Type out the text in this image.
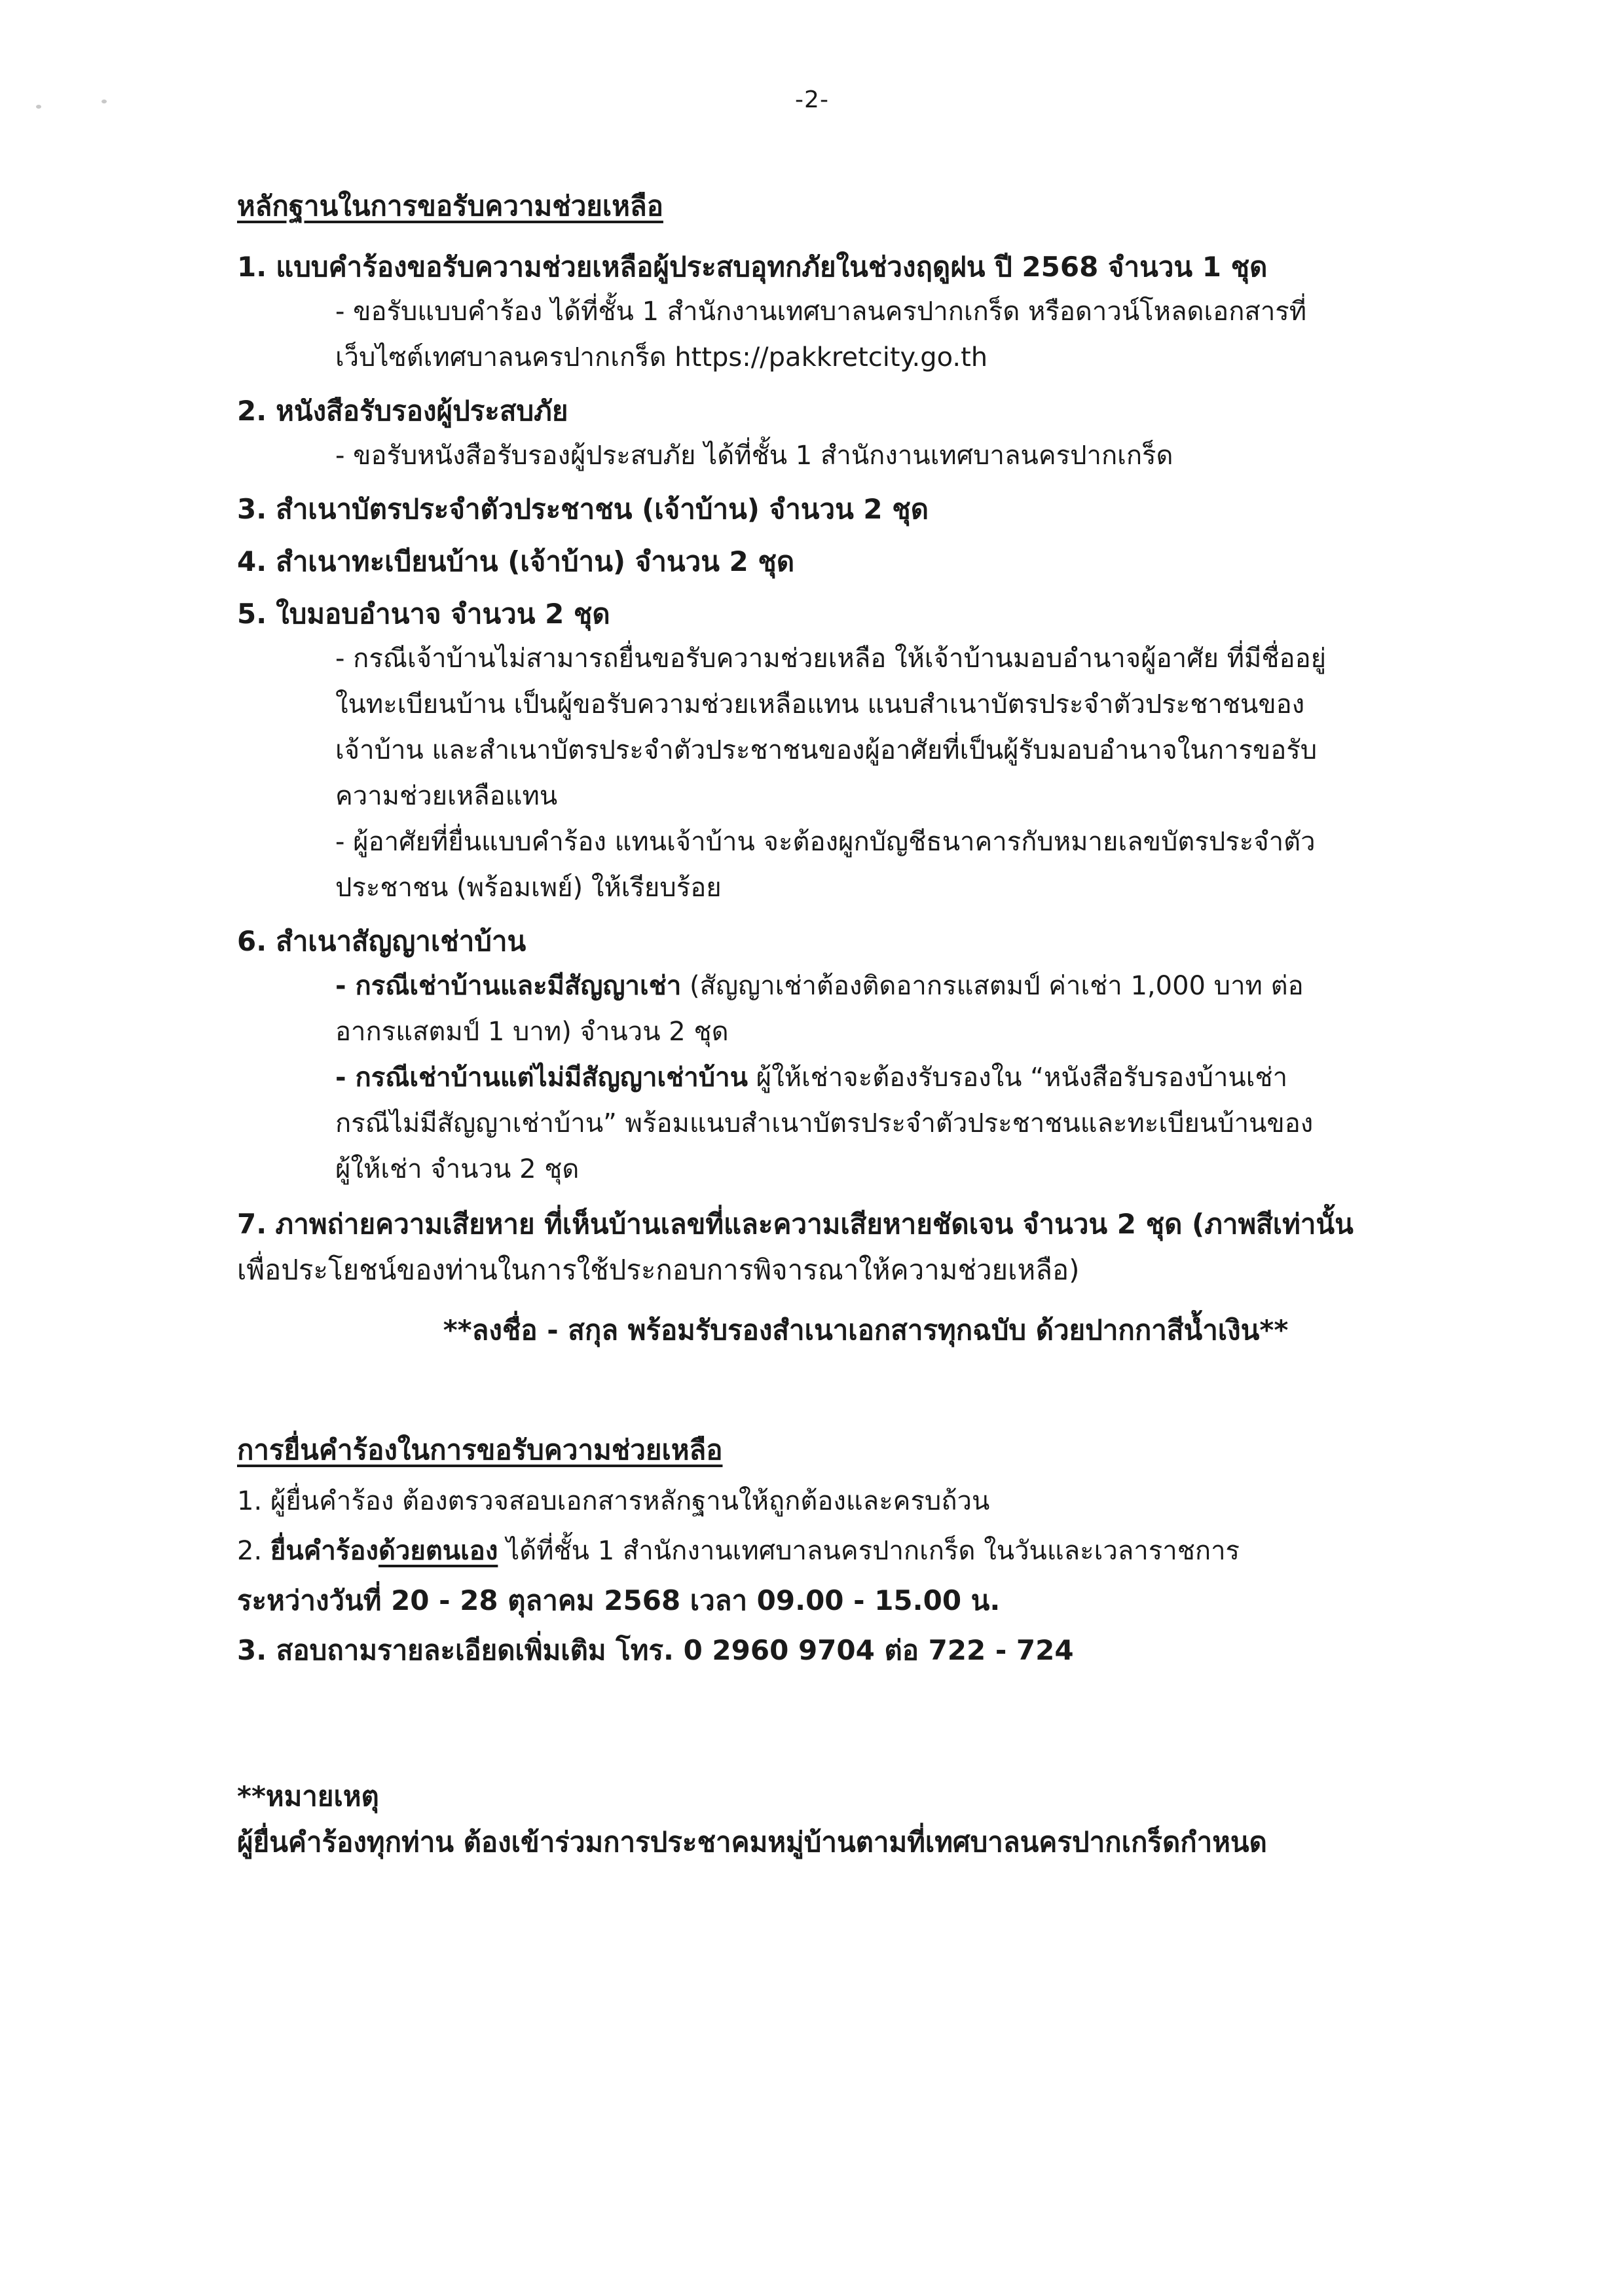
-2-
หลักฐานในการขอรับความช่วยเหลือ

1. แบบคำร้องขอรับความช่วยเหลือผู้ประสบอุทกภัยในช่วงฤดูฝน ปี 2568 จำนวน 1 ชุด

- ขอรับแบบคำร้อง ได้ที่ชั้น 1 สำนักงานเทศบาลนครปากเกร็ด หรือดาวน์โหลดเอกสารที่

เว็บไซต์เทศบาลนครปากเกร็ด https://pakkretcity.go.th

2. หนังสือรับรองผู้ประสบภัย

- ขอรับหนังสือรับรองผู้ประสบภัย ได้ที่ชั้น 1 สำนักงานเทศบาลนครปากเกร็ด

3. สำเนาบัตรประจำตัวประชาชน (เจ้าบ้าน) จำนวน 2 ชุด

4. สำเนาทะเบียนบ้าน (เจ้าบ้าน) จำนวน 2 ชุด

5. ใบมอบอำนาจ จำนวน 2 ชุด

- กรณีเจ้าบ้านไม่สามารถยื่นขอรับความช่วยเหลือ ให้เจ้าบ้านมอบอำนาจผู้อาศัย ที่มีชื่ออยู่

ในทะเบียนบ้าน เป็นผู้ขอรับความช่วยเหลือแทน แนบสำเนาบัตรประจำตัวประชาชนของ

เจ้าบ้าน และสำเนาบัตรประจำตัวประชาชนของผู้อาศัยที่เป็นผู้รับมอบอำนาจในการขอรับ

ความช่วยเหลือแทน

- ผู้อาศัยที่ยื่นแบบคำร้อง แทนเจ้าบ้าน จะต้องผูกบัญชีธนาคารกับหมายเลขบัตรประจำตัว

ประชาชน (พร้อมเพย์) ให้เรียบร้อย

6. สำเนาสัญญาเช่าบ้าน

- กรณีเช่าบ้านและมีสัญญาเช่า (สัญญาเช่าต้องติดอากรแสตมป์ ค่าเช่า 1,000 บาท ต่อ

อากรแสตมป์ 1 บาท) จำนวน 2 ชุด

- กรณีเช่าบ้านแต่ไม่มีสัญญาเช่าบ้าน ผู้ให้เช่าจะต้องรับรองใน “หนังสือรับรองบ้านเช่า

กรณีไม่มีสัญญาเช่าบ้าน” พร้อมแนบสำเนาบัตรประจำตัวประชาชนและทะเบียนบ้านของ

ผู้ให้เช่า จำนวน 2 ชุด

7. ภาพถ่ายความเสียหาย ที่เห็นบ้านเลขที่และความเสียหายชัดเจน จำนวน 2 ชุด (ภาพสีเท่านั้น

เพื่อประโยชน์ของท่านในการใช้ประกอบการพิจารณาให้ความช่วยเหลือ)

**ลงชื่อ - สกุล พร้อมรับรองสำเนาเอกสารทุกฉบับ ด้วยปากกาสีน้ำเงิน**
การยื่นคำร้องในการขอรับความช่วยเหลือ

1. ผู้ยื่นคำร้อง ต้องตรวจสอบเอกสารหลักฐานให้ถูกต้องและครบถ้วน

2. ยื่นคำร้องด้วยตนเอง ได้ที่ชั้น 1 สำนักงานเทศบาลนครปากเกร็ด ในวันและเวลาราชการ

ระหว่างวันที่ 20 - 28 ตุลาคม 2568 เวลา 09.00 - 15.00 น.

3. สอบถามรายละเอียดเพิ่มเติม โทร. 0 2960 9704 ต่อ 722 - 724

**หมายเหตุ

ผู้ยื่นคำร้องทุกท่าน ต้องเข้าร่วมการประชาคมหมู่บ้านตามที่เทศบาลนครปากเกร็ดกำหนด
